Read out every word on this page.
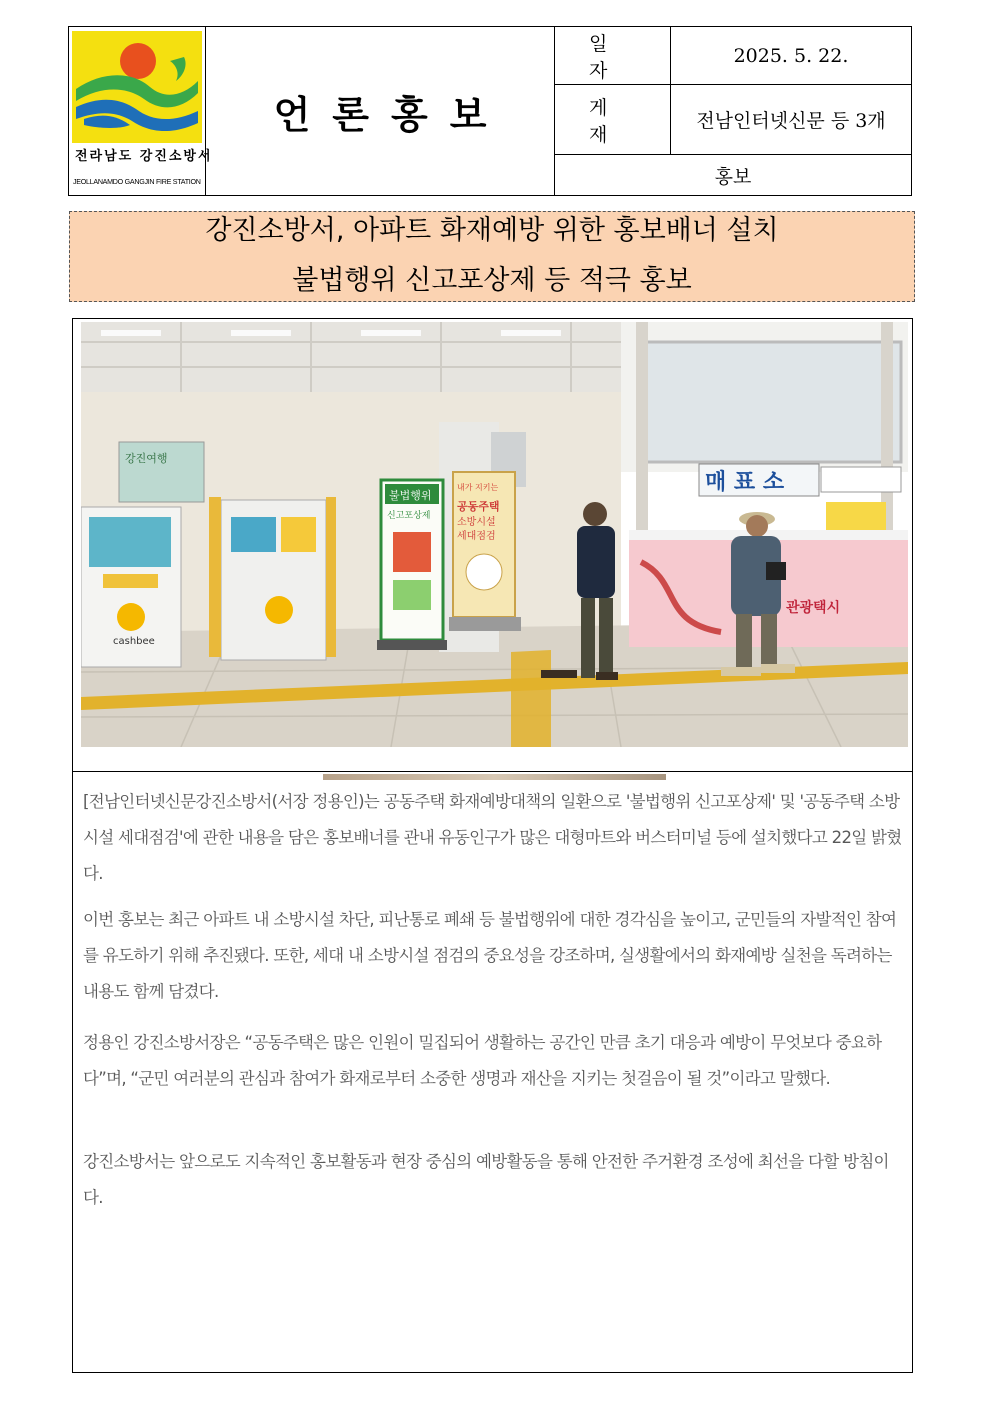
전라남도 강진소방서
JEOLLANAMDO GANGJIN FIRE STATION
언론홍보
일자
2025. 5. 22.
게재
전남인터넷신문 등 3개
홍보
강진소방서, 아파트 화재예방 위한 홍보배너 설치
불법행위 신고포상제 등 적극 홍보
매 표 소
강진여행
cashbee
불법행위
신고포상제
내가 지키는
공동주택
소방시설
세대점검
관광택시
[전남인터넷신문강진소방서(서장 정용인)는 공동주택 화재예방대책의 일환으로 '불법행위 신고포상제' 및 '공동주택 소방시설 세대점검'에 관한 내용을 담은 홍보배너를 관내 유동인구가 많은 대형마트와 버스터미널 등에 설치했다고 22일 밝혔다.
이번 홍보는 최근 아파트 내 소방시설 차단, 피난통로 폐쇄 등 불법행위에 대한 경각심을 높이고, 군민들의 자발적인 참여를 유도하기 위해 추진됐다. 또한, 세대 내 소방시설 점검의 중요성을 강조하며, 실생활에서의 화재예방 실천을 독려하는 내용도 함께 담겼다.
정용인 강진소방서장은 “공동주택은 많은 인원이 밀집되어 생활하는 공간인 만큼 초기 대응과 예방이 무엇보다 중요하다”며, “군민 여러분의 관심과 참여가 화재로부터 소중한 생명과 재산을 지키는 첫걸음이 될 것”이라고 말했다.
강진소방서는 앞으로도 지속적인 홍보활동과 현장 중심의 예방활동을 통해 안전한 주거환경 조성에 최선을 다할 방침이다.
